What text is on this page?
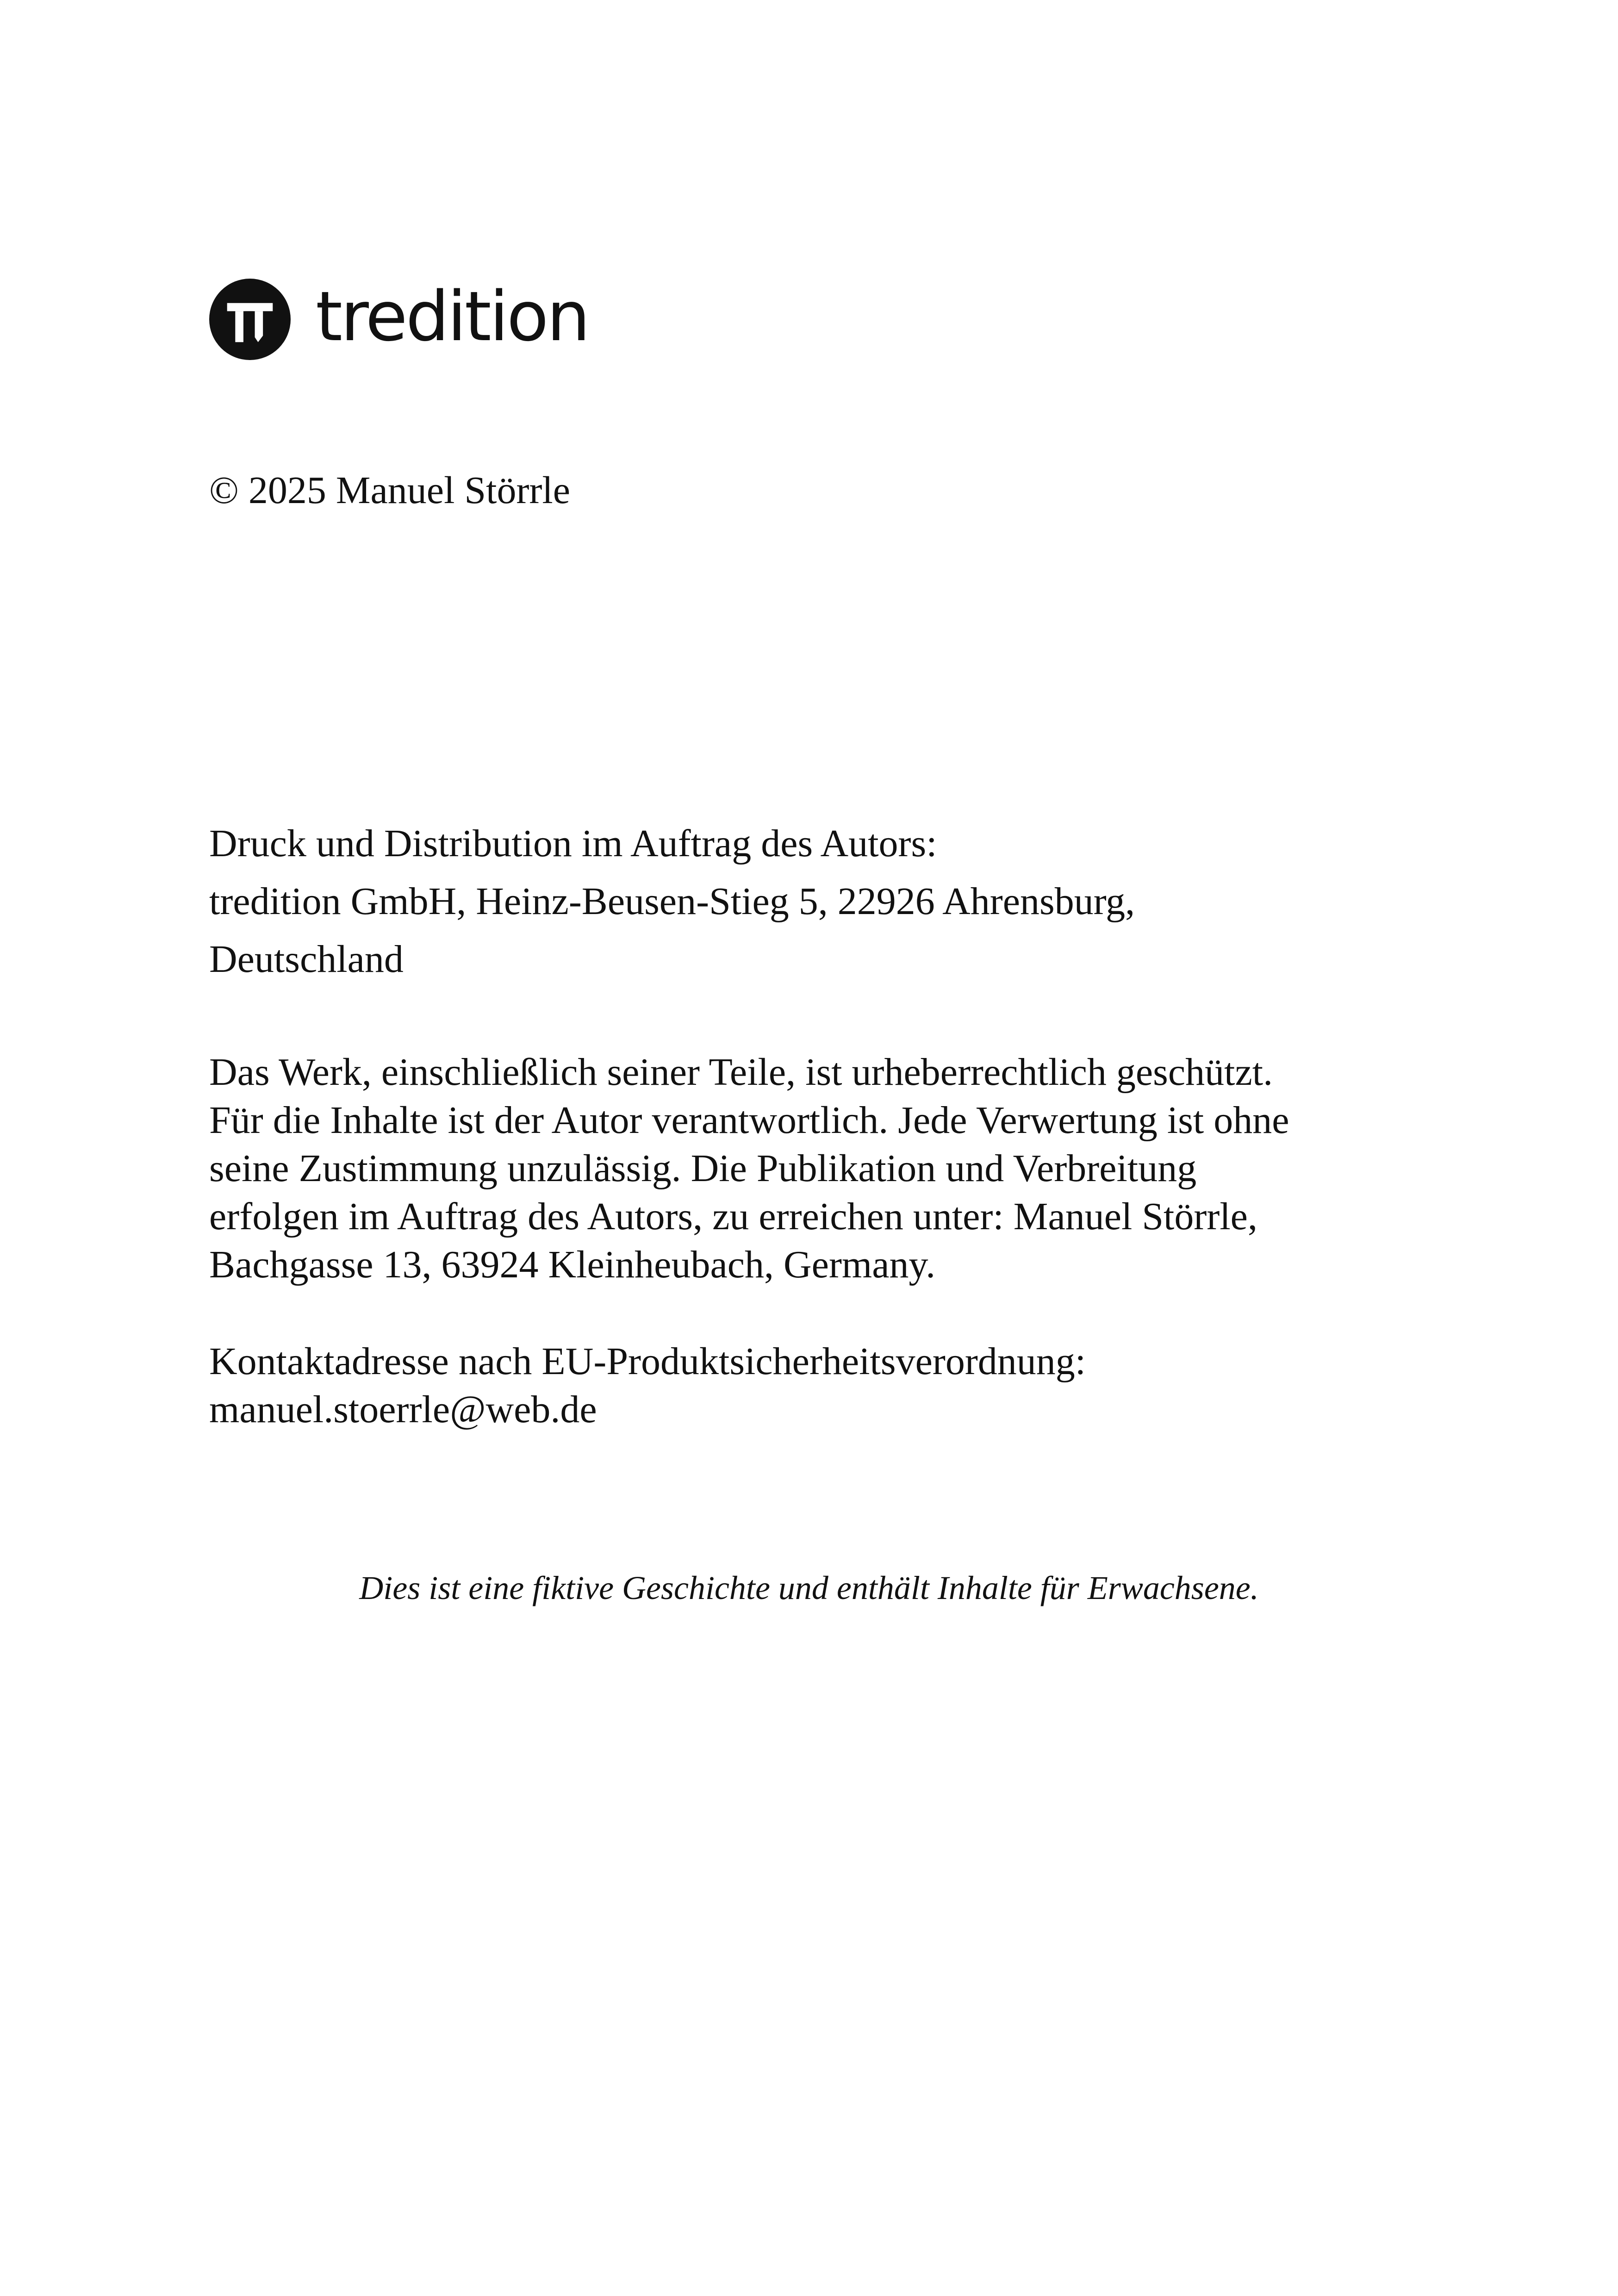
tredition
© 2025 Manuel Störrle
Druck und Distribution im Auftrag des Autors:
tredition GmbH, Heinz-Beusen-Stieg 5, 22926 Ahrensburg,
Deutschland
Das Werk, einschließlich seiner Teile, ist urheberrechtlich geschützt.
Für die Inhalte ist der Autor verantwortlich. Jede Verwertung ist ohne
seine Zustimmung unzulässig. Die Publikation und Verbreitung
erfolgen im Auftrag des Autors, zu erreichen unter: Manuel Störrle,
Bachgasse 13, 63924 Kleinheubach, Germany.
Kontaktadresse nach EU-Produktsicherheitsverordnung:
manuel.stoerrle@web.de
Dies ist eine fiktive Geschichte und enthält Inhalte für Erwachsene.
